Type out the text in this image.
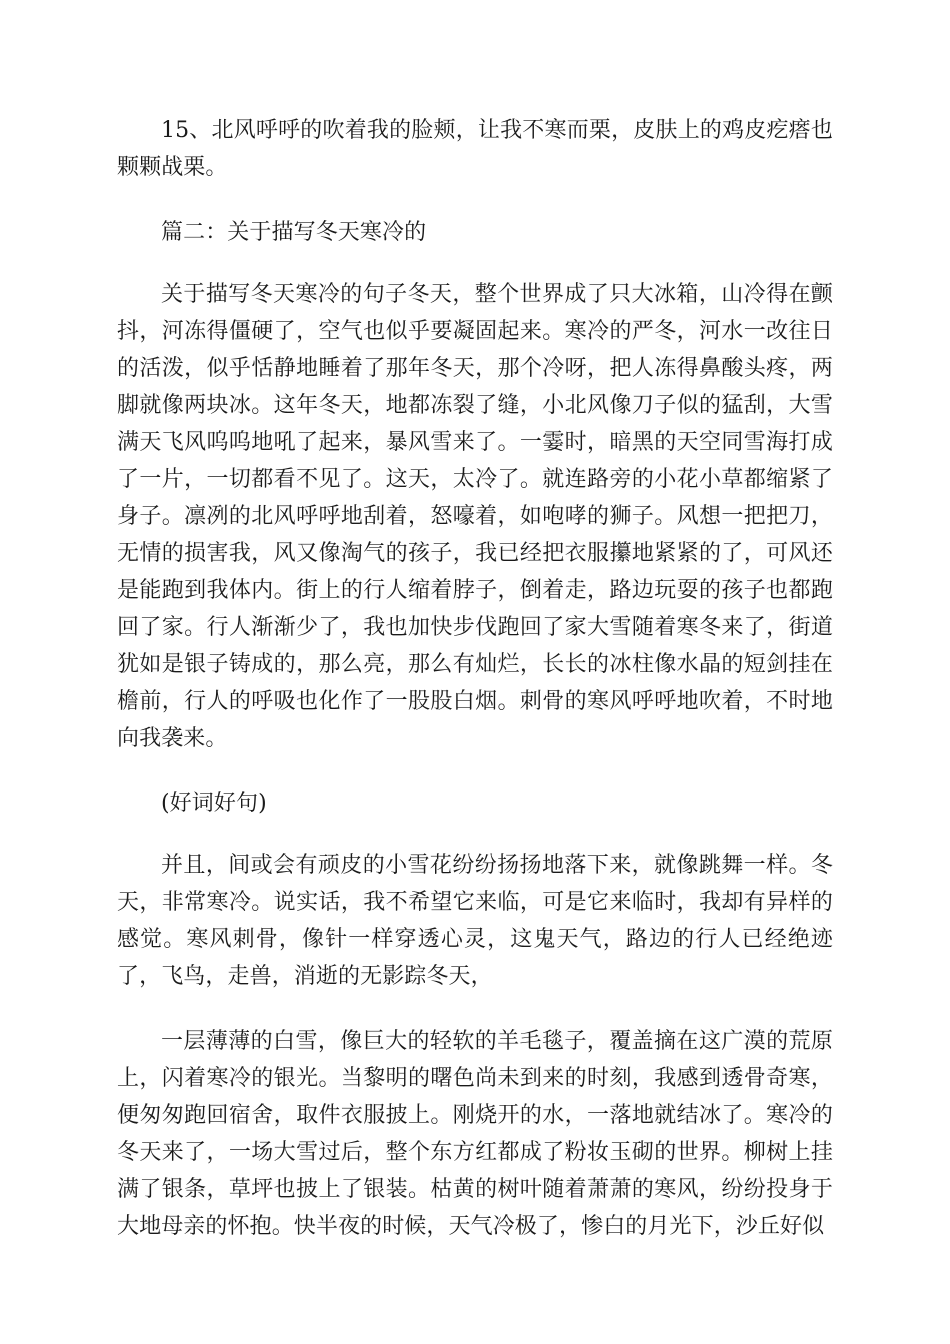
15、北风呼呼的吹着我的脸颊，让我不寒而栗，皮肤上的鸡皮疙瘩也颗颗战栗。

篇二：关于描写冬天寒冷的

关于描写冬天寒冷的句子冬天，整个世界成了只大冰箱，山冷得在颤抖，河冻得僵硬了，空气也似乎要凝固起来。寒冷的严冬，河水一改往日的活泼，似乎恬静地睡着了那年冬天，那个冷呀，把人冻得鼻酸头疼，两脚就像两块冰。这年冬天，地都冻裂了缝，小北风像刀子似的猛刮，大雪满天飞风呜呜地吼了起来，暴风雪来了。一霎时，暗黑的天空同雪海打成了一片，一切都看不见了。这天，太冷了。就连路旁的小花小草都缩紧了身子。凛冽的北风呼呼地刮着，怒嚎着，如咆哮的狮子。风想一把把刀，无情的损害我，风又像淘气的孩子，我已经把衣服攥地紧紧的了，可风还是能跑到我体内。街上的行人缩着脖子，倒着走，路边玩耍的孩子也都跑回了家。行人渐渐少了，我也加快步伐跑回了家大雪随着寒冬来了，街道犹如是银子铸成的，那么亮，那么有灿烂，长长的冰柱像水晶的短剑挂在檐前，行人的呼吸也化作了一股股白烟。刺骨的寒风呼呼地吹着，不时地向我袭来。

(好词好句)

并且，间或会有顽皮的小雪花纷纷扬扬地落下来，就像跳舞一样。冬天，非常寒冷。说实话，我不希望它来临，可是它来临时，我却有异样的感觉。寒风刺骨，像针一样穿透心灵，这鬼天气，路边的行人已经绝迹了，飞鸟，走兽，消逝的无影踪冬天，

一层薄薄的白雪，像巨大的轻软的羊毛毯子，覆盖摘在这广漠的荒原上，闪着寒冷的银光。当黎明的曙色尚未到来的时刻，我感到透骨奇寒，便匆匆跑回宿舍，取件衣服披上。刚烧开的水，一落地就结冰了。寒冷的冬天来了，一场大雪过后，整个东方红都成了粉妆玉砌的世界。柳树上挂满了银条，草坪也披上了银装。枯黄的树叶随着萧萧的寒风，纷纷投身于大地母亲的怀抱。快半夜的时候，天气冷极了，惨白的月光下，沙丘好似
